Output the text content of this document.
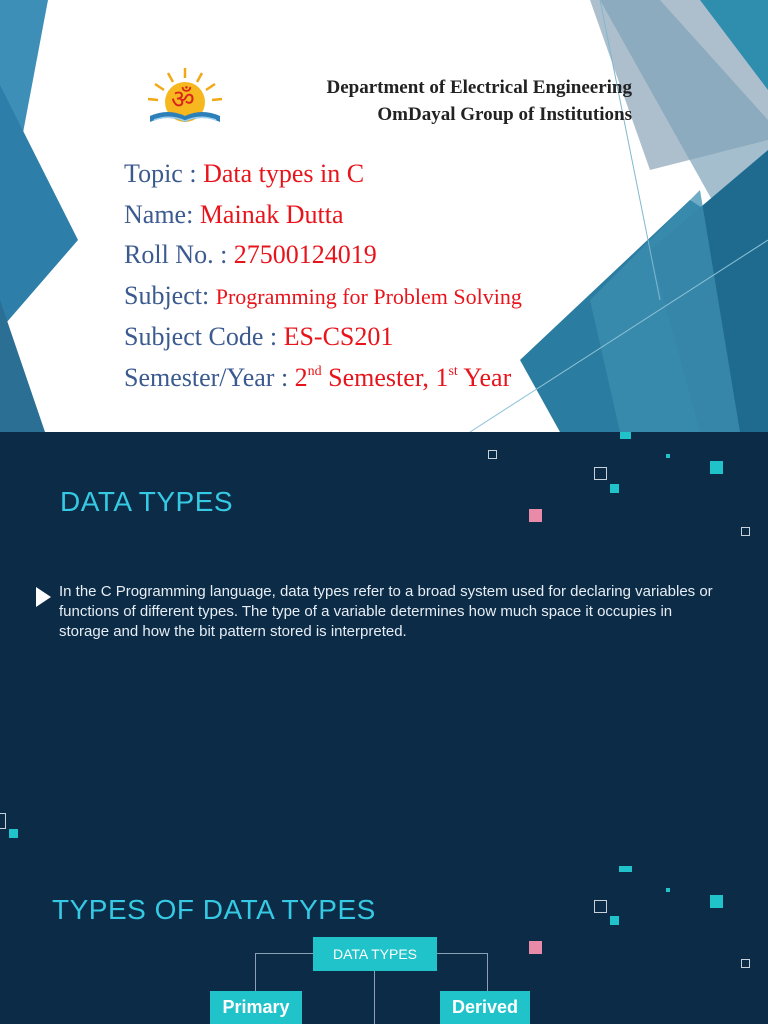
ॐ	Department of Electrical Engineering
OmDayal Group of Institutions
Topic : Data types in C
Name: Mainak Dutta
Roll No. : 27500124019
Subject: Programming for Problem Solving
Subject Code : ES-CS201
Semester/Year : 2nd Semester, 1st Year
DATA TYPES

In the C Programming language, data types refer to a broad system used for declaring variables or functions of different types. The type of a variable determines how much space it occupies in storage and how the bit pattern stored is interpreted.

TYPES OF DATA TYPES
DATA TYPES
Primary	Derived
